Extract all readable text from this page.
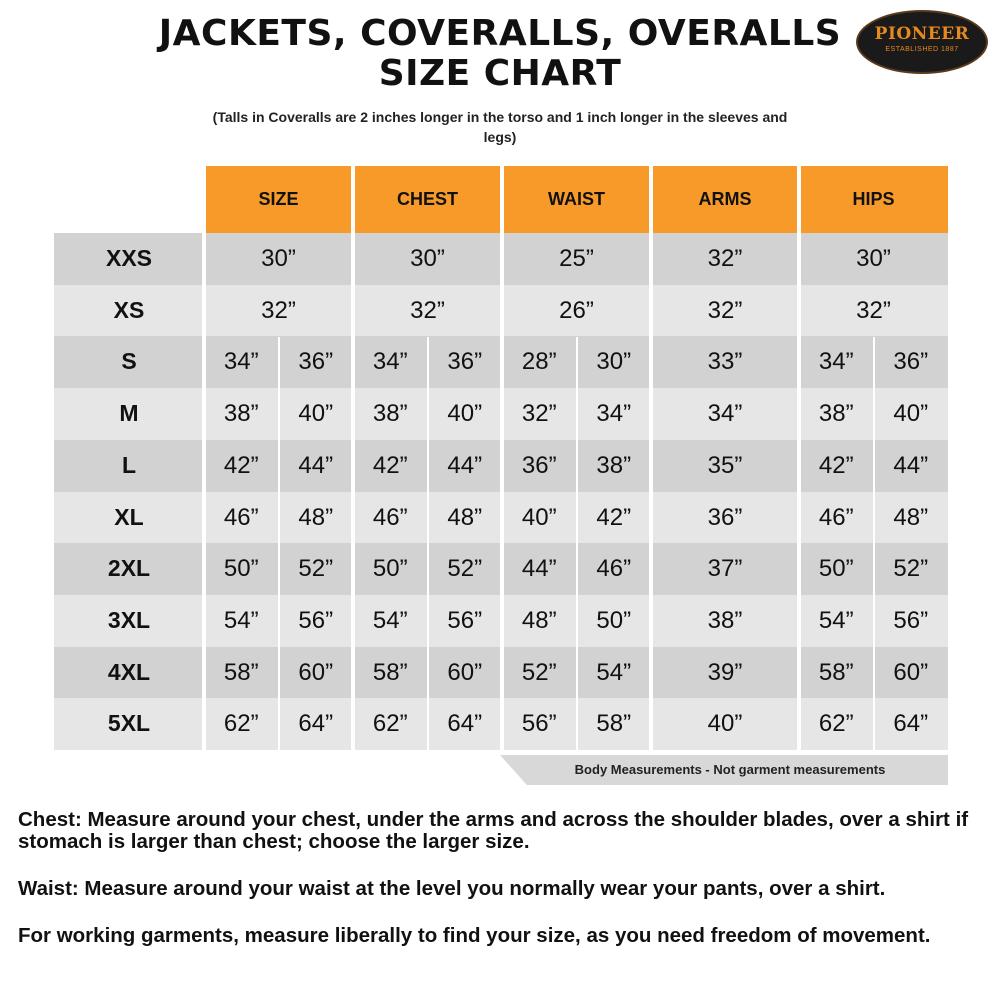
JACKETS, COVERALLS, OVERALLS
SIZE CHART
PIONEER
ESTABLISHED 1887
(Talls in Coveralls are 2 inches longer in the torso and 1 inch longer in the sleeves and legs)
SIZE	CHEST	WAIST	ARMS	HIPS
XXS	30”	30”	25”	32”	30”
XS	32”	32”	26”	32”	32”
S	34”	36”	34”	36”	28”	30”	33”	34”	36”
M	38”	40”	38”	40”	32”	34”	34”	38”	40”
L	42”	44”	42”	44”	36”	38”	35”	42”	44”
XL	46”	48”	46”	48”	40”	42”	36”	46”	48”
2XL	50”	52”	50”	52”	44”	46”	37”	50”	52”
3XL	54”	56”	54”	56”	48”	50”	38”	54”	56”
4XL	58”	60”	58”	60”	52”	54”	39”	58”	60”
5XL	62”	64”	62”	64”	56”	58”	40”	62”	64”
Body Measurements - Not garment measurements

Chest: Measure around your chest, under the arms and across the shoulder blades, over a shirt if stomach is larger than chest; choose the larger size.

Waist: Measure around your waist at the level you normally wear your pants, over a shirt.

For working garments, measure liberally to find your size, as you need freedom of movement.
